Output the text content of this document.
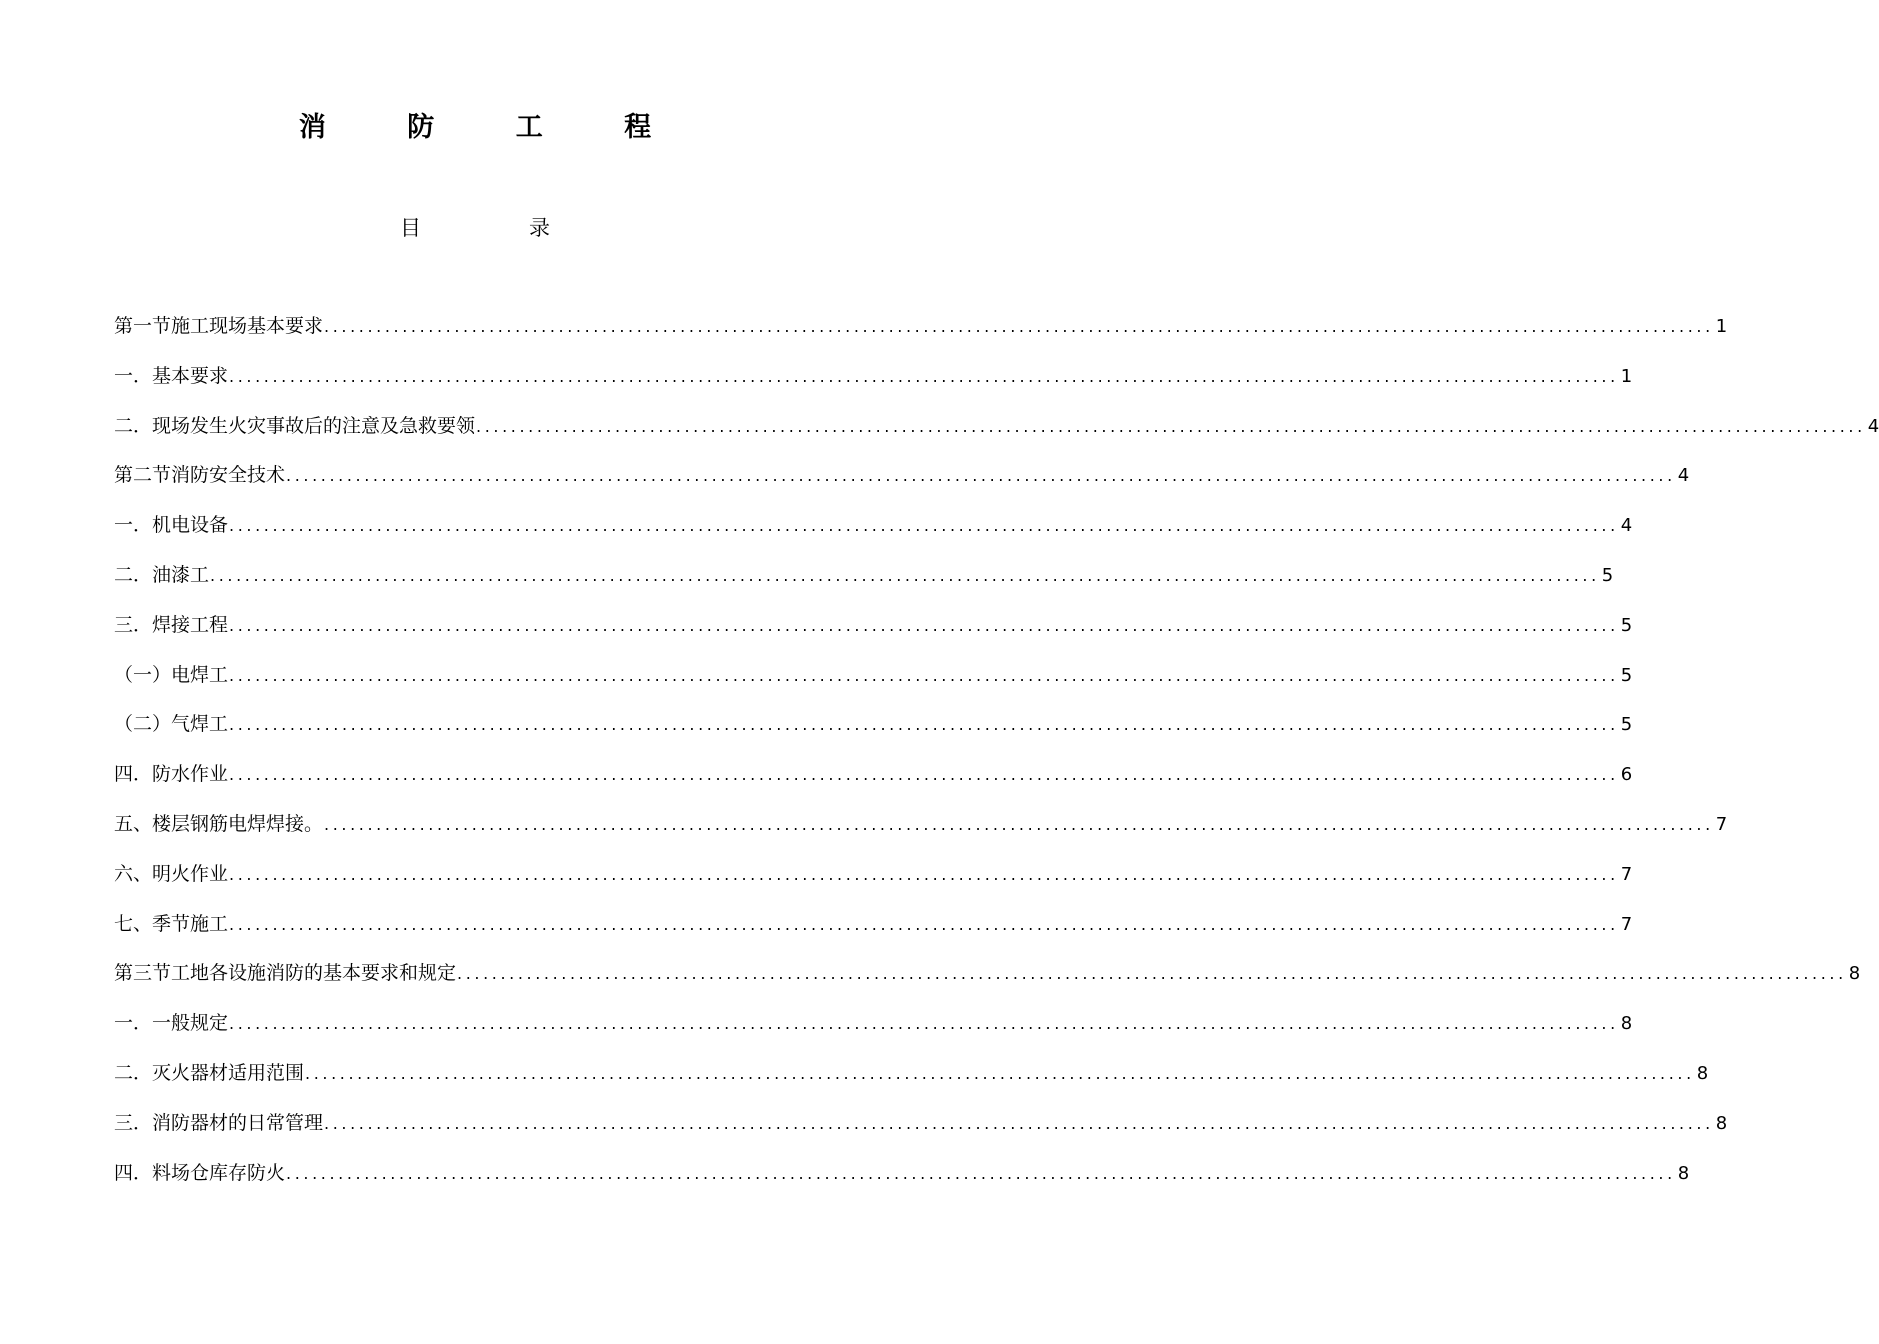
消 防 工 程
目	录
第一节 施工现场基本要求 ................................................................................................................................................................ 1
一． 基本要求 ................................................................................................................................................................ 1
二． 现场发生火灾事故后的注意及急救要领 ................................................................................................................................................................ 4
第二节 消防安全技术 ................................................................................................................................................................ 4
一． 机电设备 ................................................................................................................................................................ 4
二． 油漆工 ................................................................................................................................................................ 5
三． 焊接工程 ................................................................................................................................................................ 5
（一） 电焊工 ................................................................................................................................................................ 5
（二） 气焊工 ................................................................................................................................................................ 5
四． 防水作业 ................................................................................................................................................................ 6
五、 楼层钢筋电焊焊接。 ................................................................................................................................................................ 7
六、 明火作业 ................................................................................................................................................................ 7
七、 季节施工 ................................................................................................................................................................ 7
第三节 工地各设施消防的基本要求和规定 ................................................................................................................................................................ 8
一． 一般规定 ................................................................................................................................................................ 8
二． 灭火器材适用范围 ................................................................................................................................................................ 8
三． 消防器材的日常管理 ................................................................................................................................................................ 8
四． 料场仓库存防火 ................................................................................................................................................................ 8
